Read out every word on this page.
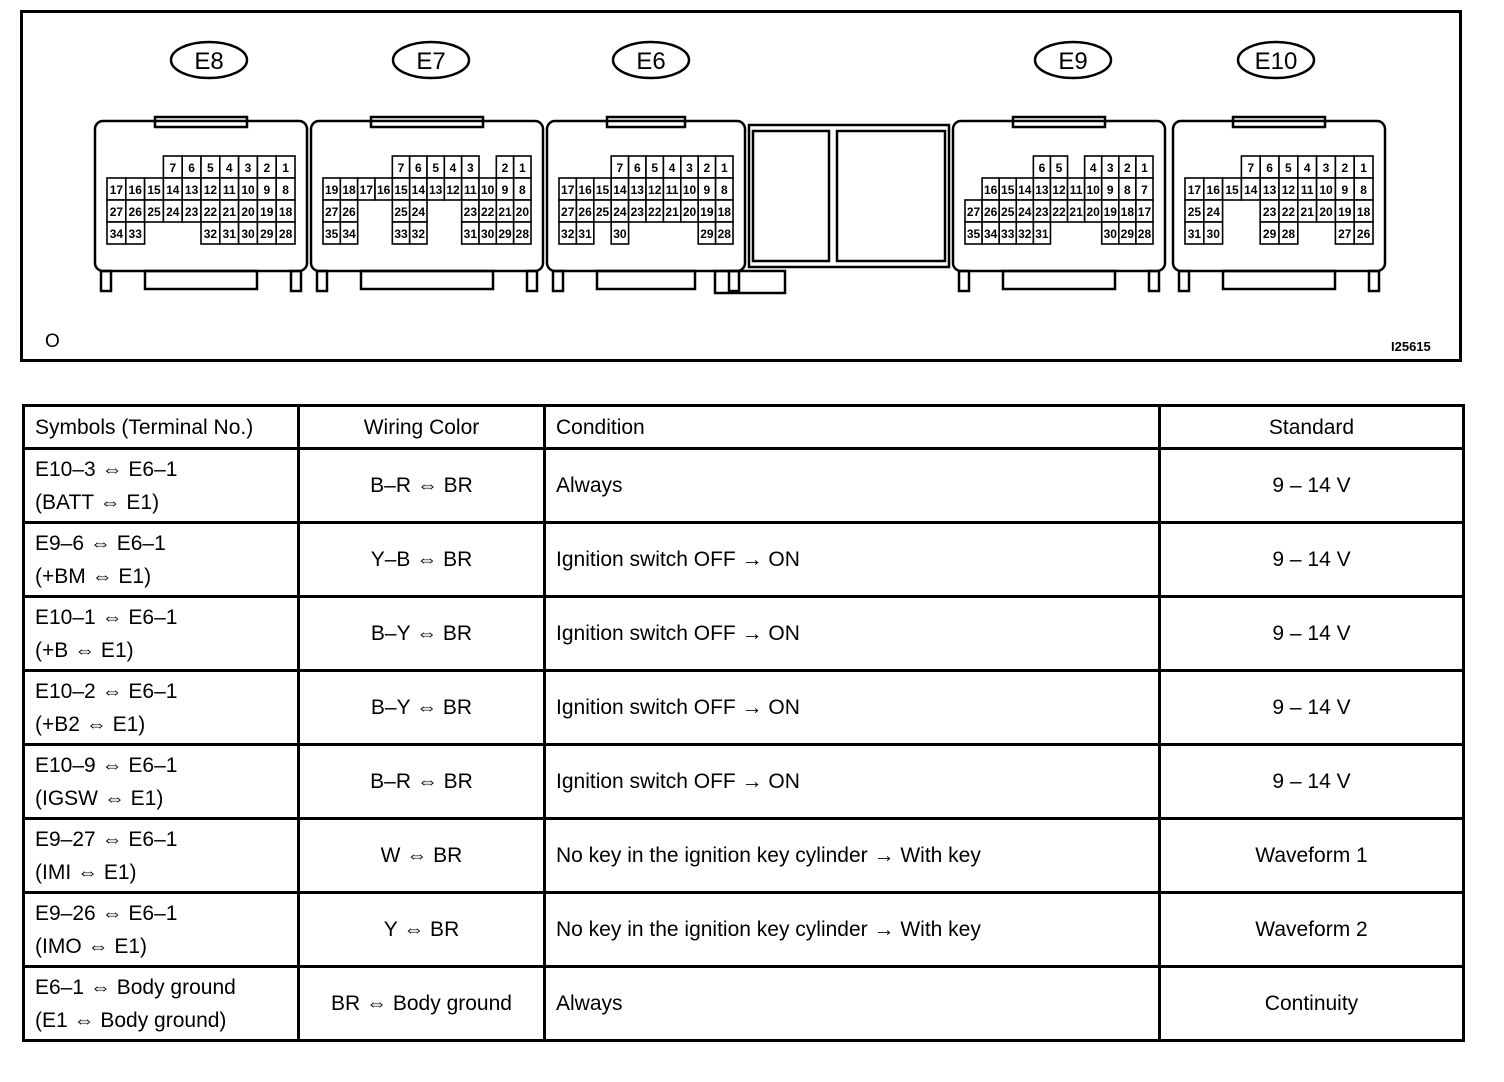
E8
7 6 5 4 3 2 1
17 16 15 14 13 12 11 10 9 8
27 26 25 24 23 22 21 20 19 18
34 33	32 31 30 29 28
E7
7 6 5 4 3 2 1
19 18 17 16 15 14 13 12 11 10 9 8
27 26	25 24	23 22 21 20
35 34	33 32	31 30 29 28
E6
7 6 5 4 3 2 1
17 16 15 14 13 12 11 10 9 8
27 26 25 24 23 22 21 20 19 18
32 31 30	29 28
E9
6 5 4 3 2 1
16 15 14 13 12 11 10 9 8 7
27 26 25 24 23 22 21 20 19 18 17
35 34 33 32 31	30 29 28
E10
7 6 5 4 3 2 1
17 16 15 14 13 12 11 10 9 8
25 24	23 22 21 20 19 18
31 30	29 28	27 26
O	I25615
Symbols (Terminal No.)	Wiring Color	Condition	Standard

E10–3 ⇔ E6–1
(BATT ⇔ E1)	B–R ⇔ BR	Always	9 – 14 V

E9–6 ⇔ E6–1
(+BM ⇔ E1)	Y–B ⇔ BR	Ignition switch OFF → ON	9 – 14 V

E10–1 ⇔ E6–1
(+B ⇔ E1)	B–Y ⇔ BR	Ignition switch OFF → ON	9 – 14 V

E10–2 ⇔ E6–1
(+B2 ⇔ E1)	B–Y ⇔ BR	Ignition switch OFF → ON	9 – 14 V

E10–9 ⇔ E6–1
(IGSW ⇔ E1)	B–R ⇔ BR	Ignition switch OFF → ON	9 – 14 V

E9–27 ⇔ E6–1
(IMI ⇔ E1)	W ⇔ BR	No key in the ignition key cylinder → With key	Waveform 1

E9–26 ⇔ E6–1
(IMO ⇔ E1)	Y ⇔ BR	No key in the ignition key cylinder → With key	Waveform 2

E6–1 ⇔ Body ground
(E1 ⇔ Body ground)	BR ⇔ Body ground	Always	Continuity
